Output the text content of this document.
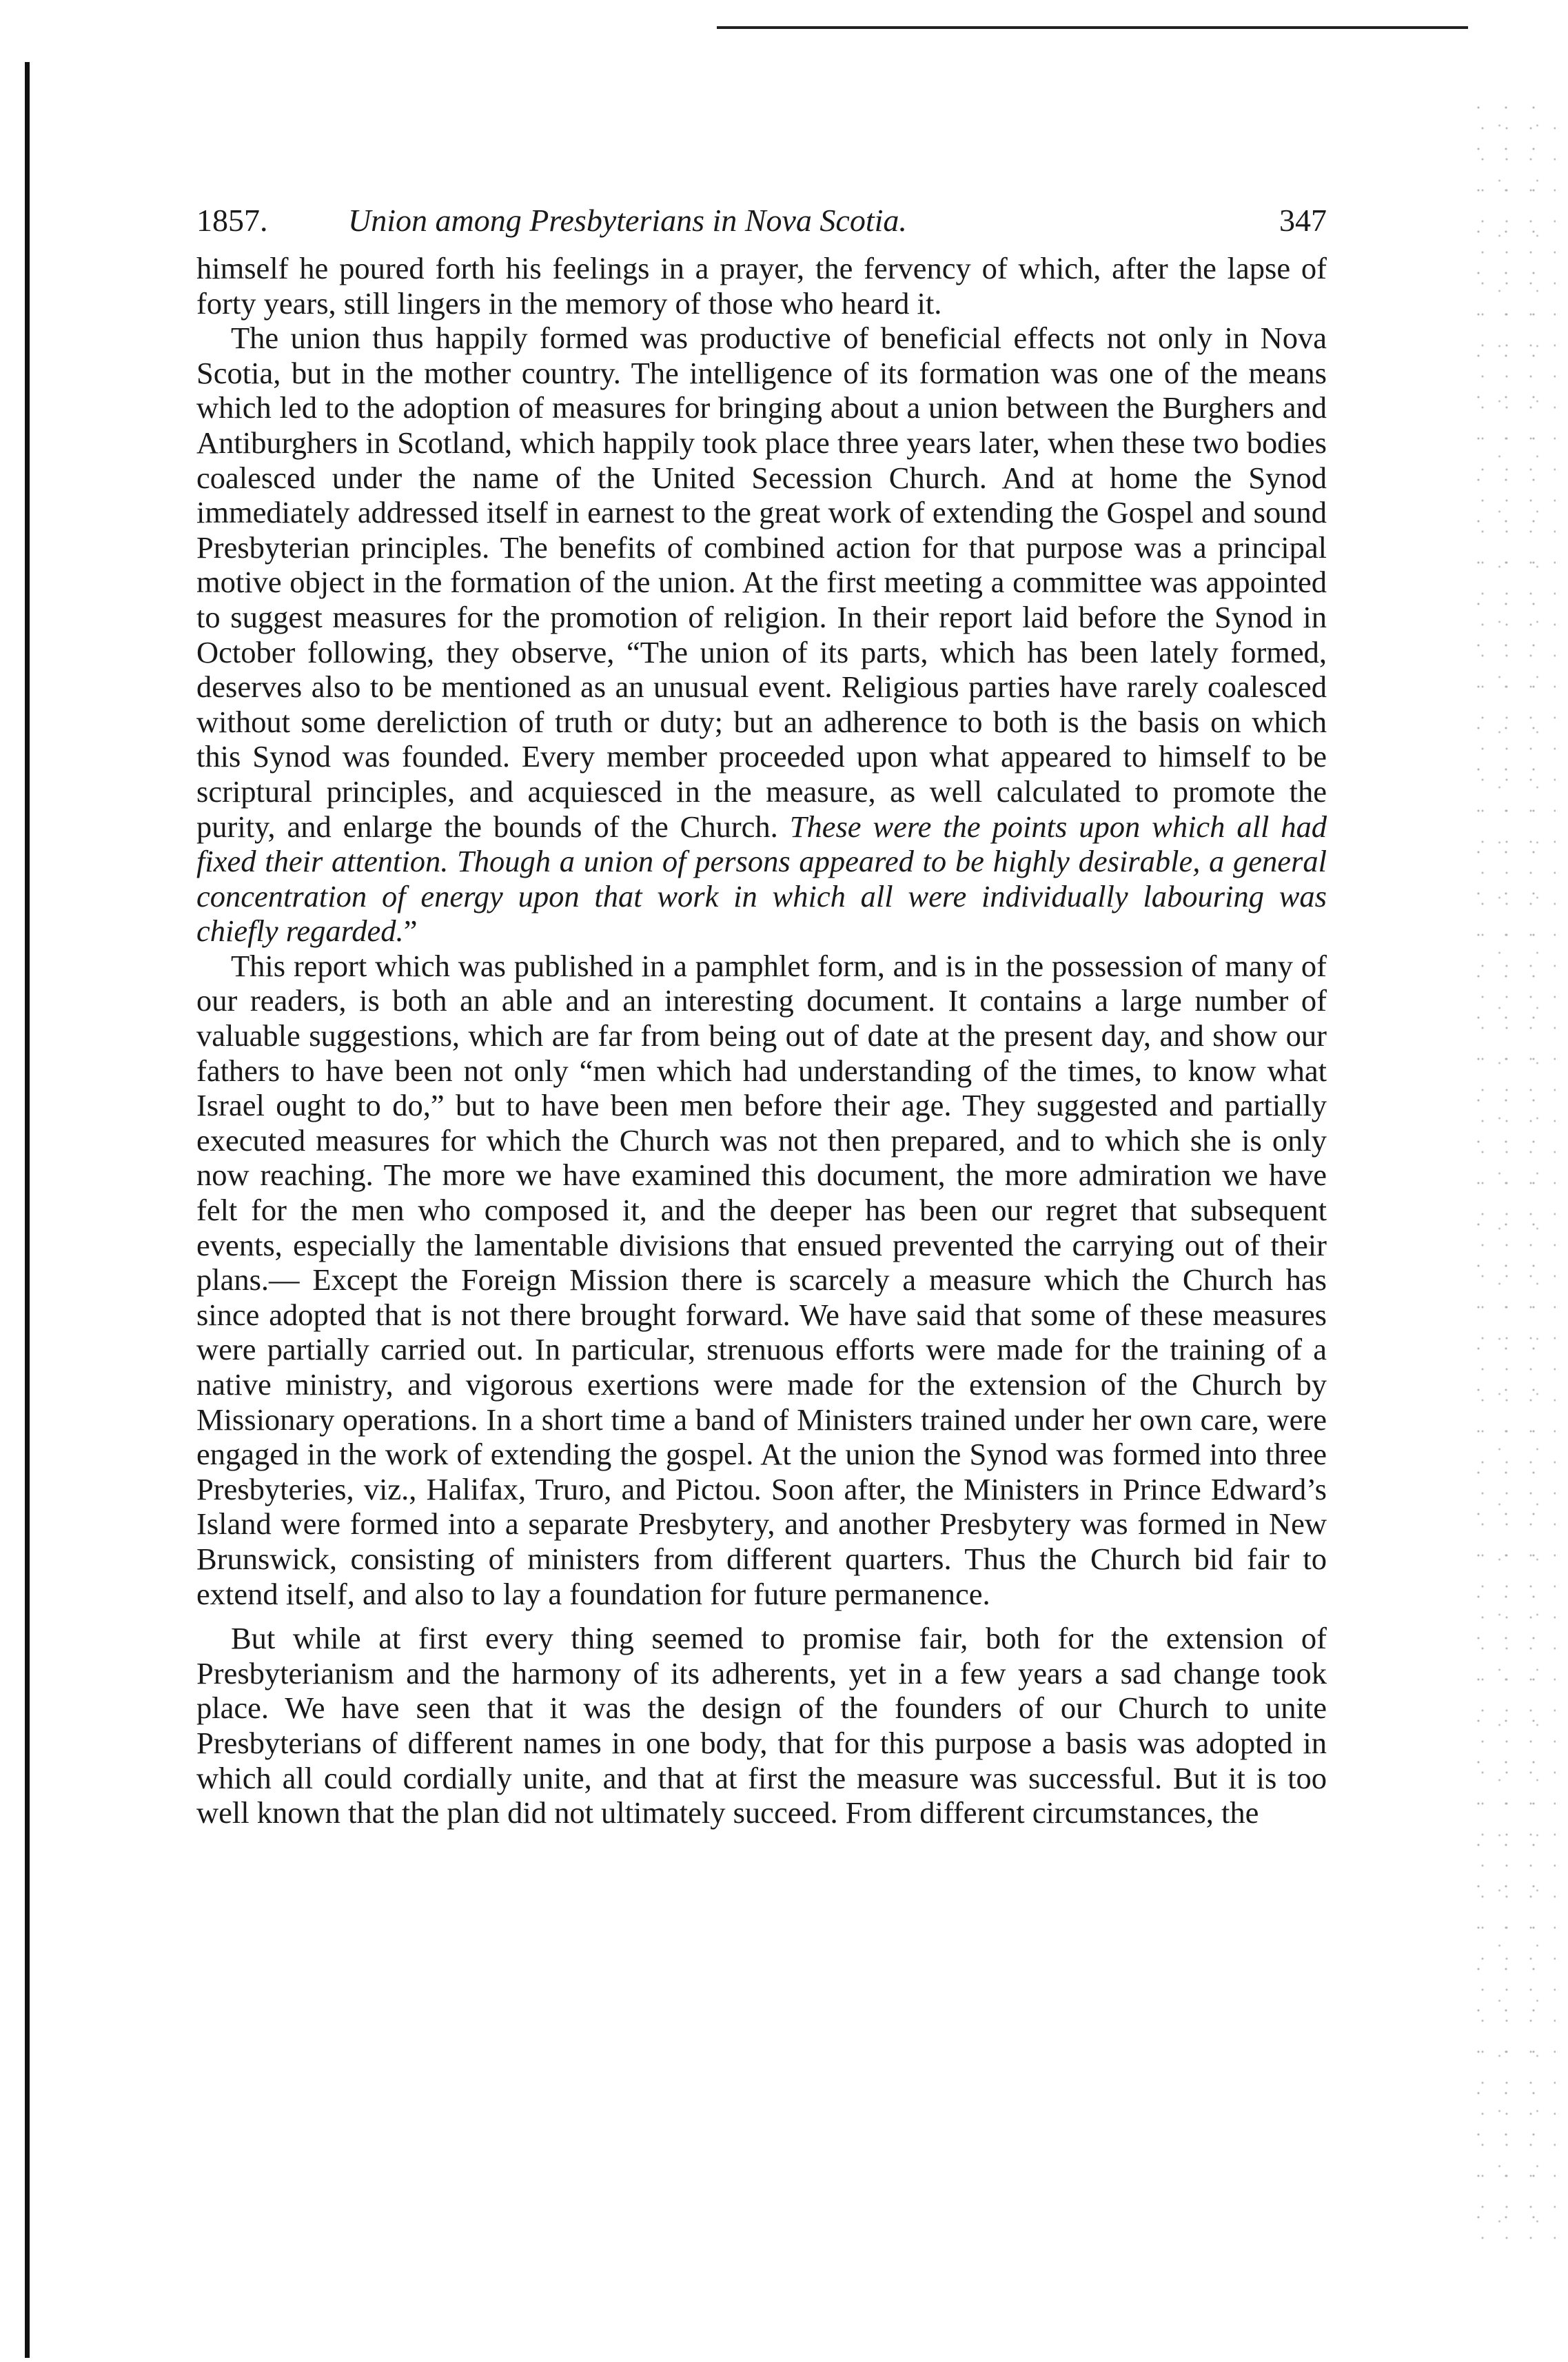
1857.	Union among Presbyterians in Nova Scotia.	347

himself he poured forth his feelings in a prayer, the fervency of which, after the lapse of forty years, still lingers in the memory of those who heard it.

The union thus happily formed was productive of beneficial effects not only in Nova Scotia, but in the mother country. The intelligence of its formation was one of the means which led to the adoption of measures for bringing about a union between the Burghers and Antiburghers in Scotland, which happily took place three years later, when these two bodies coalesced under the name of the United Secession Church. And at home the Synod immediately addressed itself in earnest to the great work of extending the Gospel and sound Presbyterian principles. The benefits of combined action for that purpose was a principal motive object in the formation of the union. At the first meeting a committee was appointed to suggest measures for the promotion of religion. In their report laid before the Synod in October following, they observe, “The union of its parts, which has been lately formed, deserves also to be mentioned as an unusual event. Religious parties have rarely coalesced without some dereliction of truth or duty; but an adherence to both is the basis on which this Synod was founded. Every member proceeded upon what appeared to himself to be scriptural principles, and acquiesced in the measure, as well calculated to promote the purity, and enlarge the bounds of the Church. These were the points upon which all had fixed their attention. Though a union of persons appeared to be highly desirable, a general concentration of energy upon that work in which all were individually labouring was chiefly regarded.”

This report which was published in a pamphlet form, and is in the possession of many of our readers, is both an able and an interesting document. It contains a large number of valuable suggestions, which are far from being out of date at the present day, and show our fathers to have been not only “men which had understanding of the times, to know what Israel ought to do,” but to have been men before their age. They suggested and partially executed measures for which the Church was not then prepared, and to which she is only now reaching. The more we have examined this document, the more admiration we have felt for the men who composed it, and the deeper has been our regret that subsequent events, especially the lamentable divisions that ensued prevented the carrying out of their plans.— Except the Foreign Mission there is scarcely a measure which the Church has since adopted that is not there brought forward. We have said that some of these measures were partially carried out. In particular, strenuous efforts were made for the training of a native ministry, and vigorous exertions were made for the extension of the Church by Missionary operations. In a short time a band of Ministers trained under her own care, were engaged in the work of extending the gospel. At the union the Synod was formed into three Presbyteries, viz., Halifax, Truro, and Pictou. Soon after, the Ministers in Prince Edward’s Island were formed into a separate Presbytery, and another Presbytery was formed in New Brunswick, consisting of ministers from different quarters. Thus the Church bid fair to extend itself, and also to lay a foundation for future permanence.

But while at first every thing seemed to promise fair, both for the extension of Presbyterianism and the harmony of its adherents, yet in a few years a sad change took place. We have seen that it was the design of the founders of our Church to unite Presbyterians of different names in one body, that for this purpose a basis was adopted in which all could cordially unite, and that at first the measure was successful. But it is too well known that the plan did not ultimately succeed. From different circumstances, the
